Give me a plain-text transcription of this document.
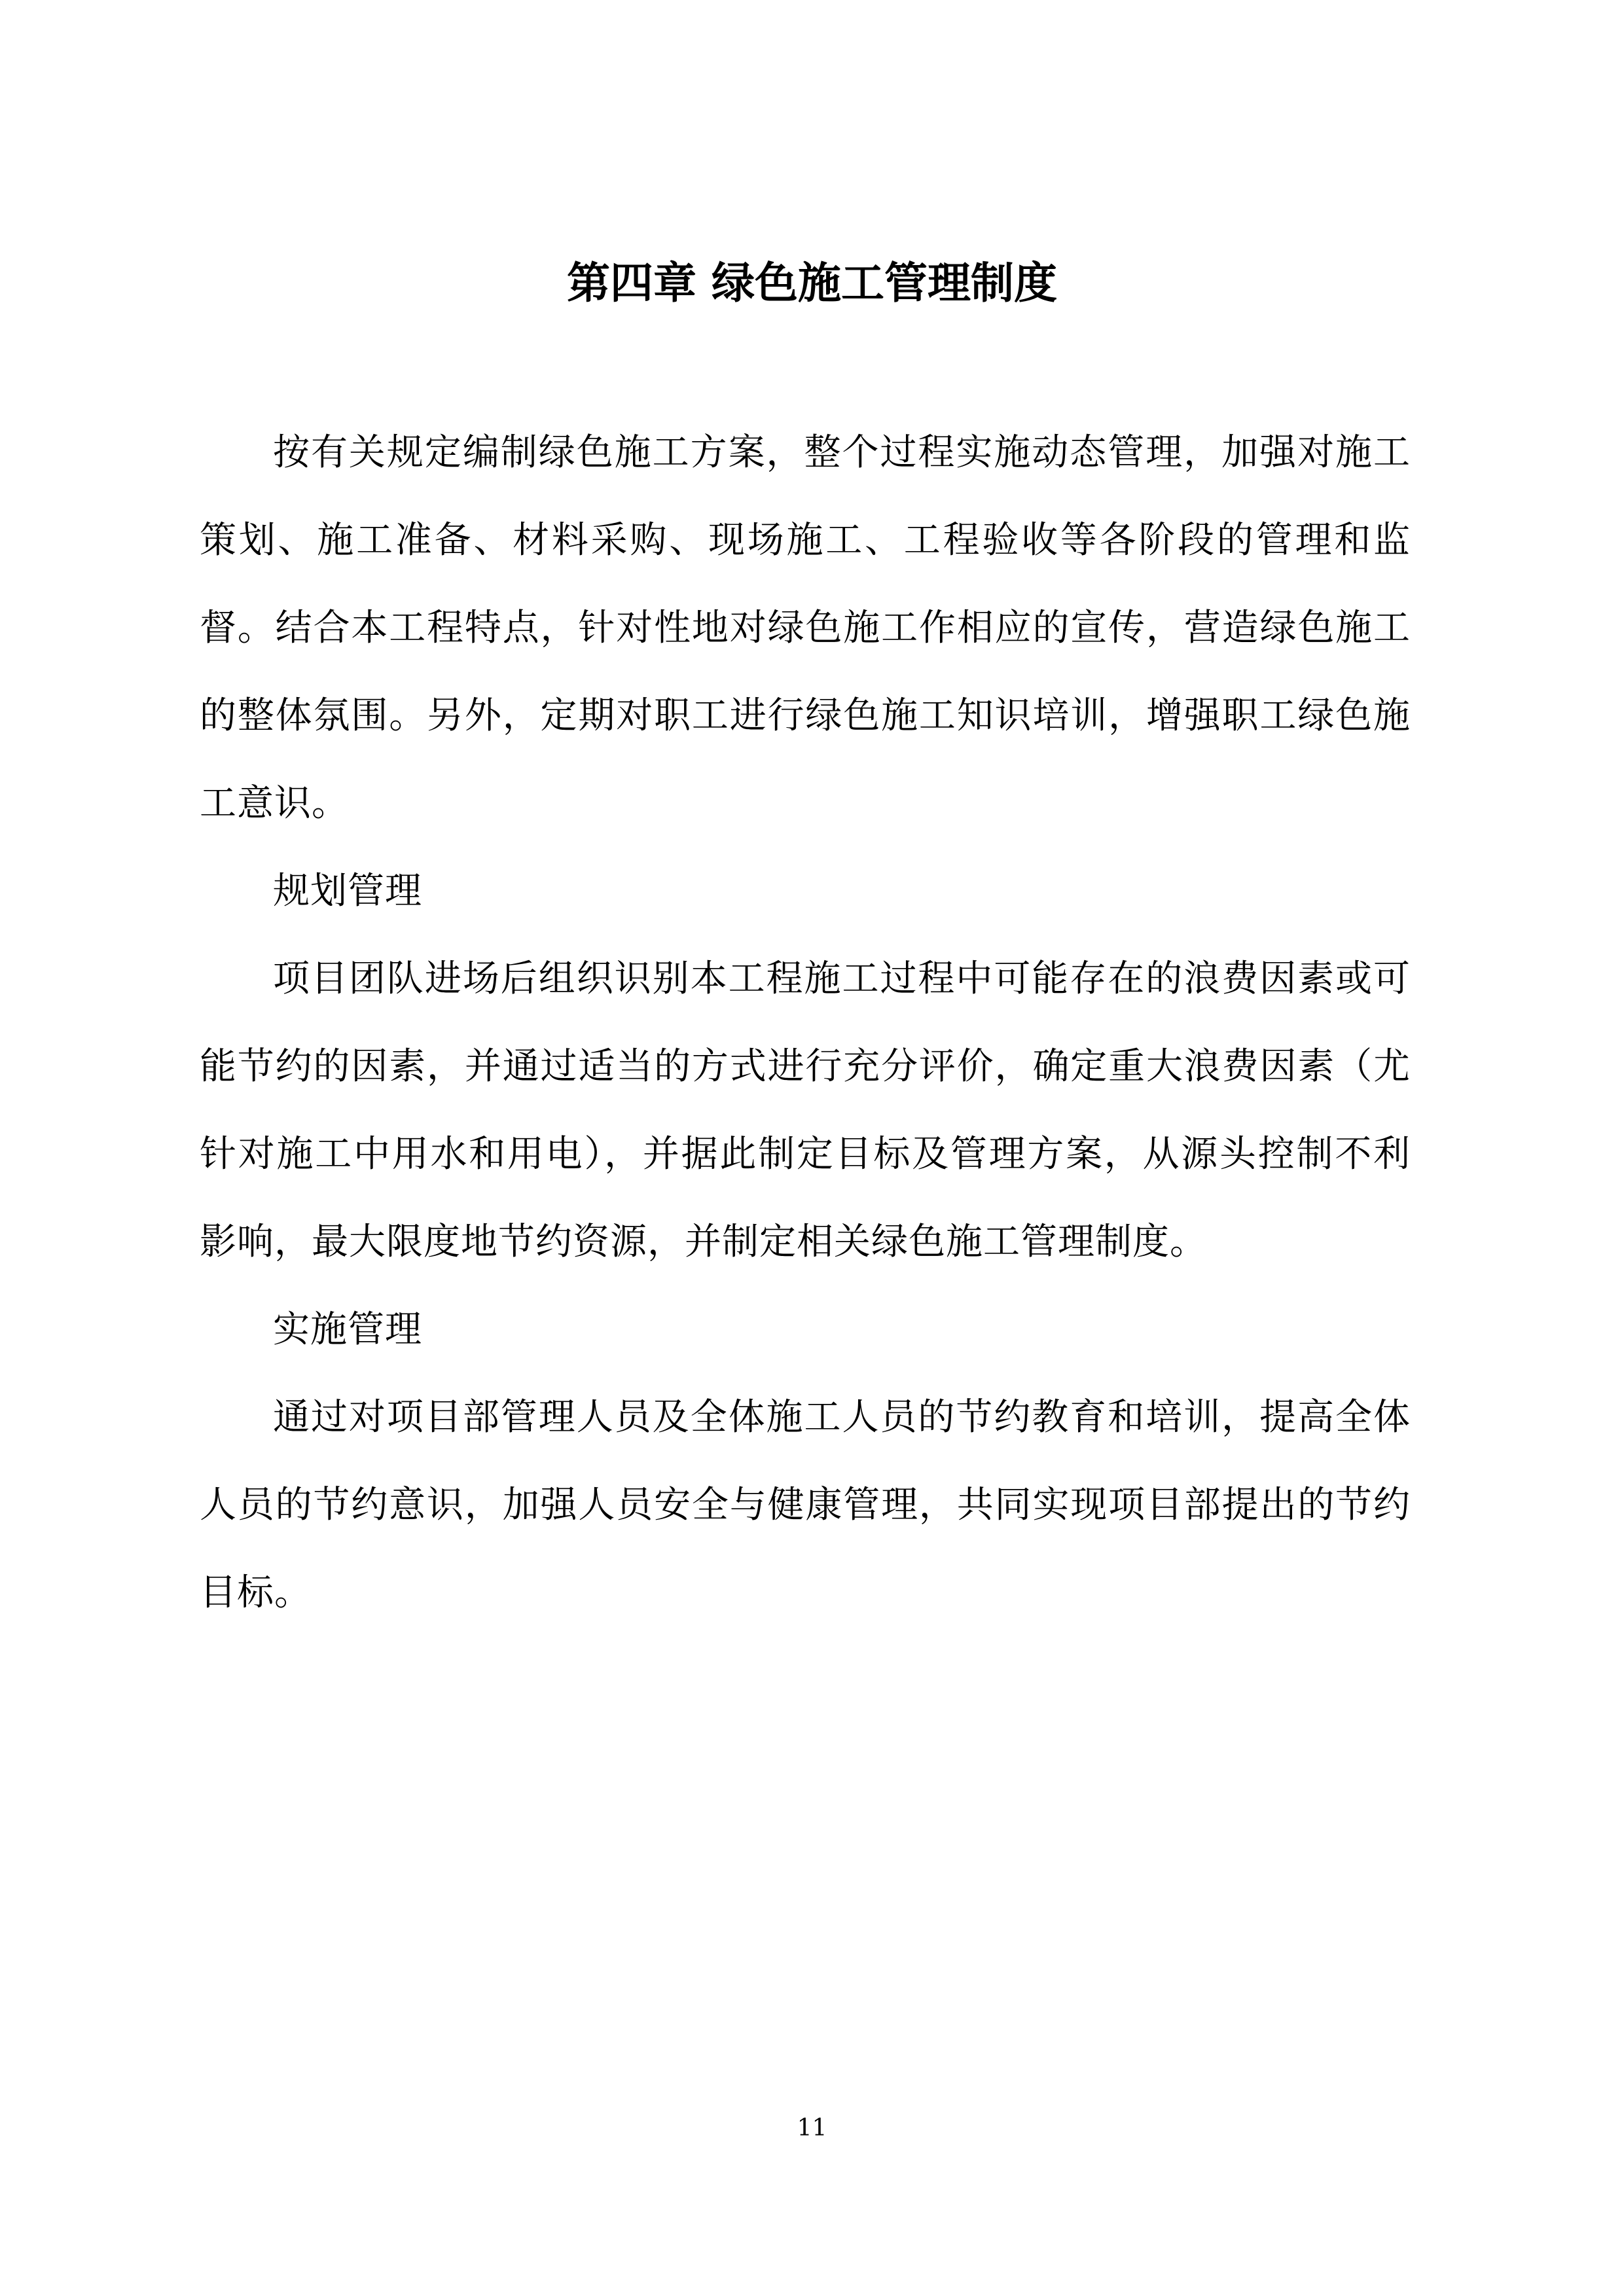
第四章 绿色施工管理制度

按有关规定编制绿色施工方案，整个过程实施动态管理，加强对施工策划、施工准备、材料采购、现场施工、工程验收等各阶段的管理和监督。结合本工程特点，针对性地对绿色施工作相应的宣传，营造绿色施工的整体氛围。另外，定期对职工进行绿色施工知识培训，增强职工绿色施工意识。

规划管理

项目团队进场后组织识别本工程施工过程中可能存在的浪费因素或可能节约的因素，并通过适当的方式进行充分评价，确定重大浪费因素（尤针对施工中用水和用电），并据此制定目标及管理方案，从源头控制不利影响，最大限度地节约资源，并制定相关绿色施工管理制度。

实施管理

通过对项目部管理人员及全体施工人员的节约教育和培训，提高全体人员的节约意识，加强人员安全与健康管理，共同实现项目部提出的节约目标。

11
